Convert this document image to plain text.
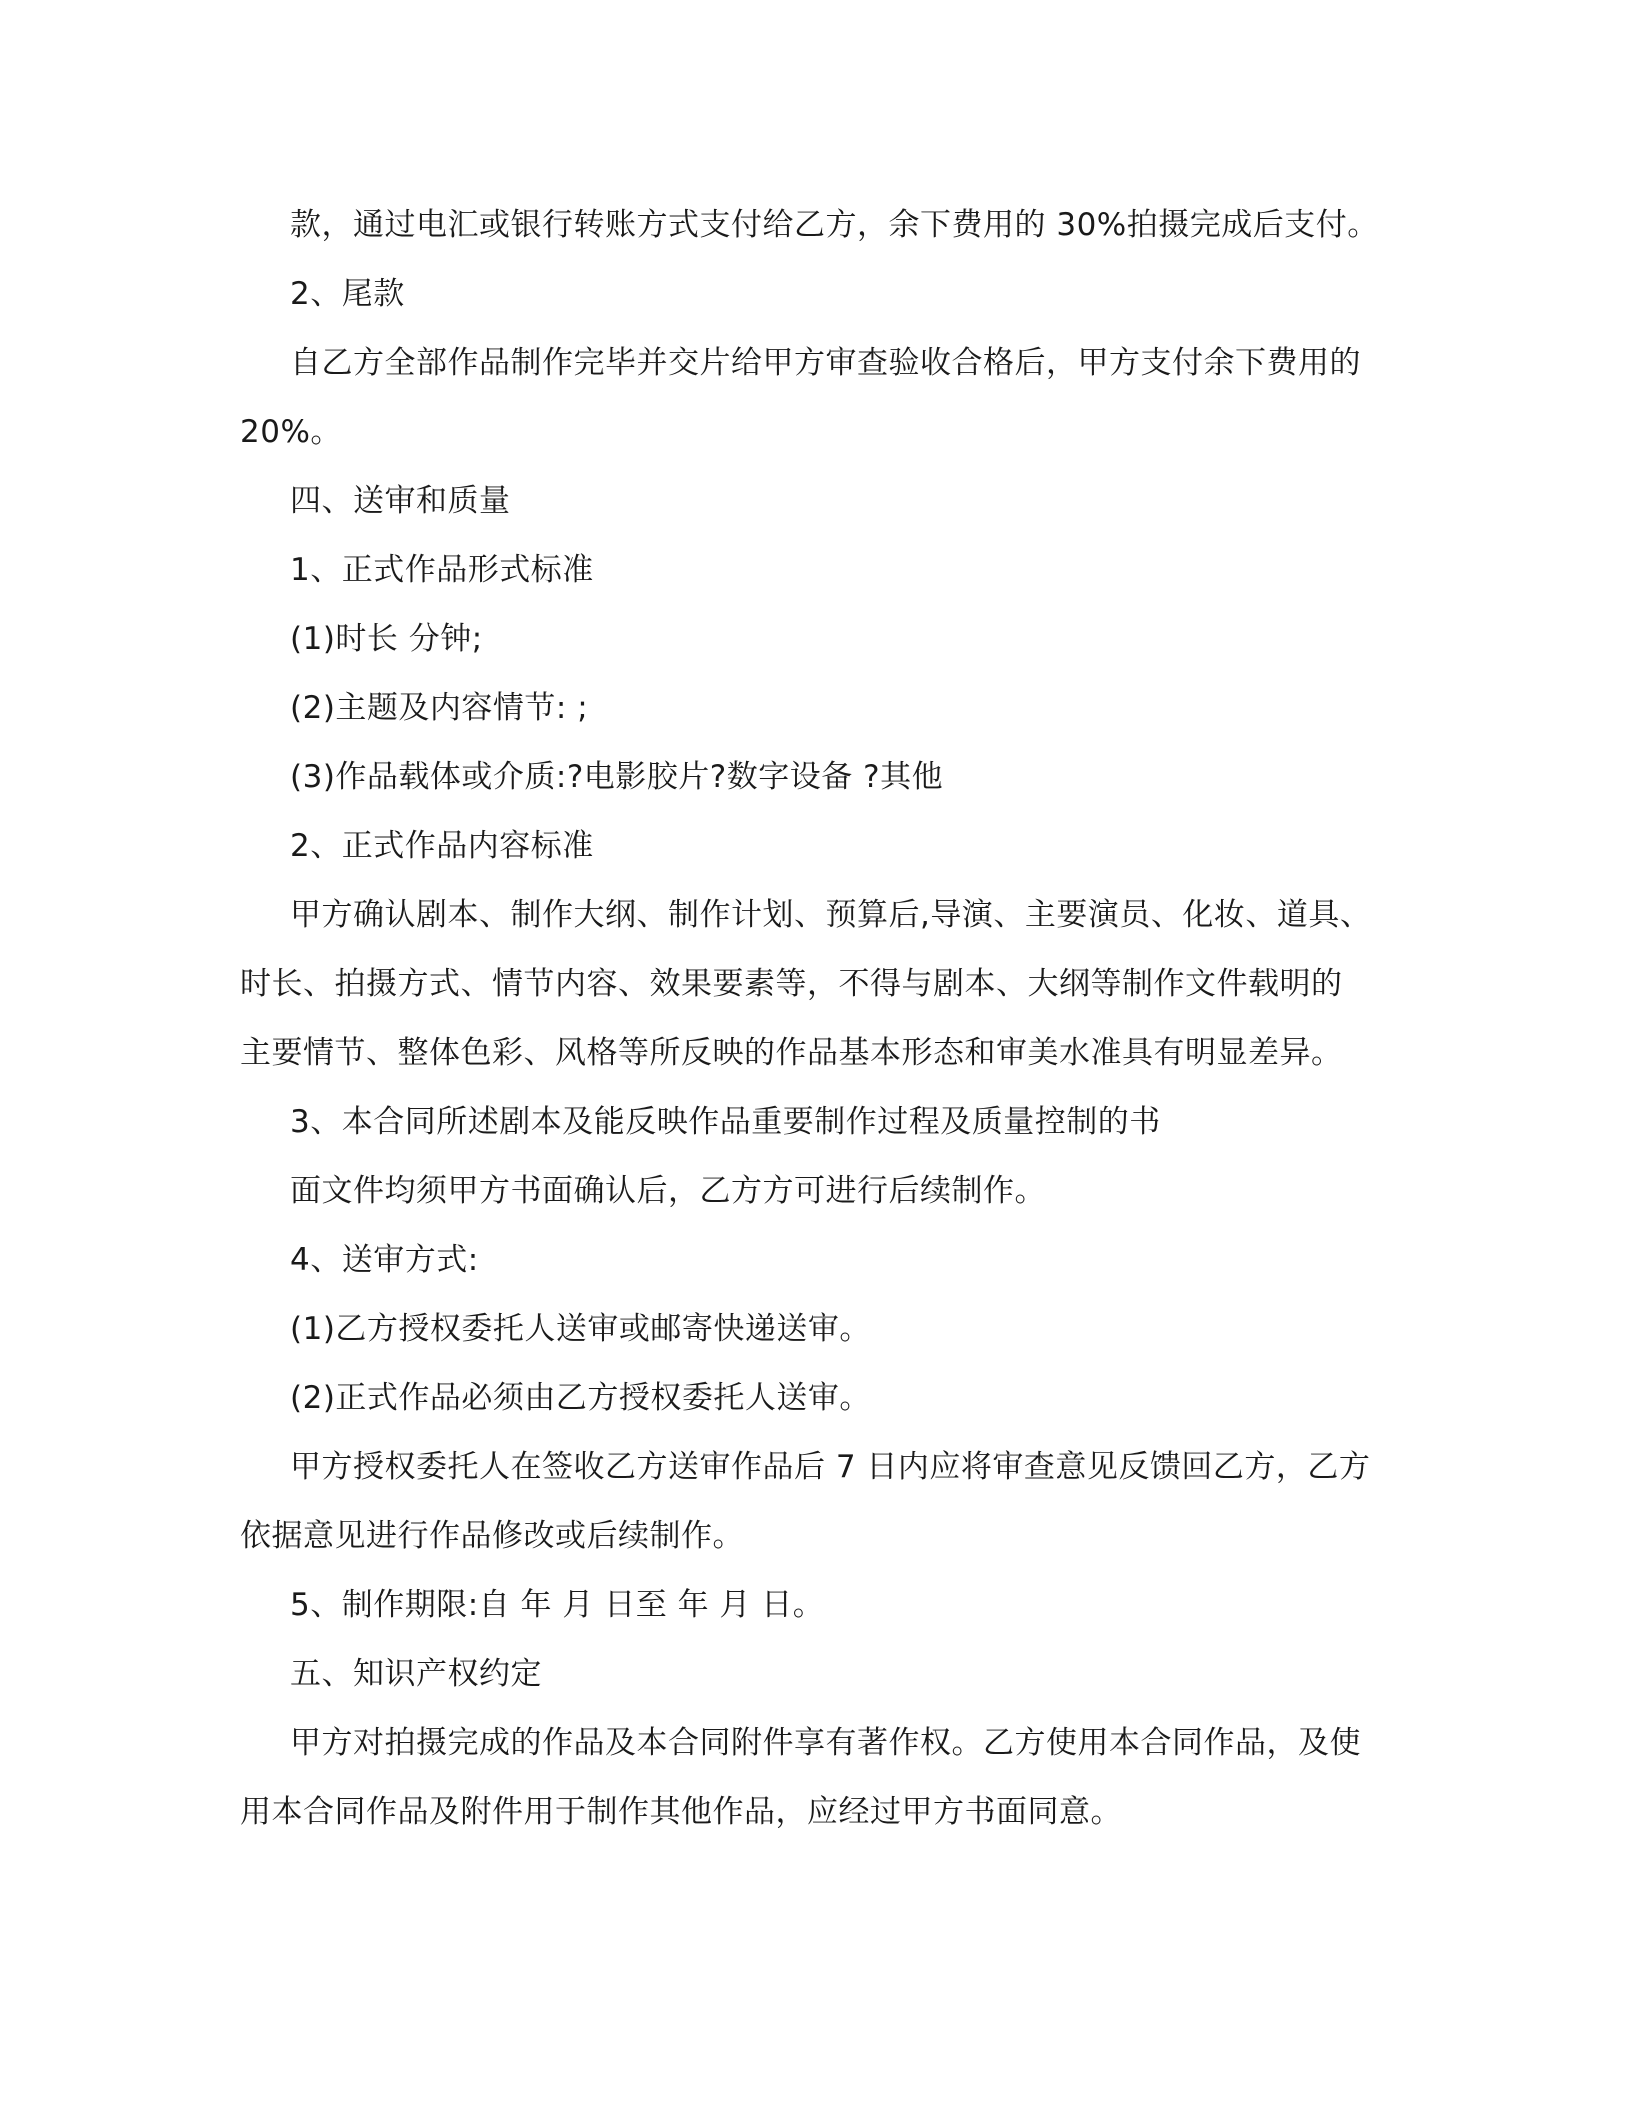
款，通过电汇或银行转账方式支付给乙方，余下费用的 30%拍摄完成后支付。
2、尾款
自乙方全部作品制作完毕并交片给甲方审查验收合格后，甲方支付余下费用的
20%。
四、送审和质量
1、正式作品形式标准
(1)时长 分钟;
(2)主题及内容情节: ;
(3)作品载体或介质:?电影胶片?数字设备 ?其他
2、正式作品内容标准
甲方确认剧本、制作大纲、制作计划、预算后,导演、主要演员、化妆、道具、
时长、拍摄方式、情节内容、效果要素等，不得与剧本、大纲等制作文件载明的
主要情节、整体色彩、风格等所反映的作品基本形态和审美水准具有明显差异。
3、本合同所述剧本及能反映作品重要制作过程及质量控制的书
面文件均须甲方书面确认后，乙方方可进行后续制作。
4、送审方式:
(1)乙方授权委托人送审或邮寄快递送审。
(2)正式作品必须由乙方授权委托人送审。
甲方授权委托人在签收乙方送审作品后 7 日内应将审查意见反馈回乙方，乙方
依据意见进行作品修改或后续制作。
5、制作期限:自 年 月 日至 年 月 日。
五、知识产权约定
甲方对拍摄完成的作品及本合同附件享有著作权。乙方使用本合同作品，及使
用本合同作品及附件用于制作其他作品，应经过甲方书面同意。
